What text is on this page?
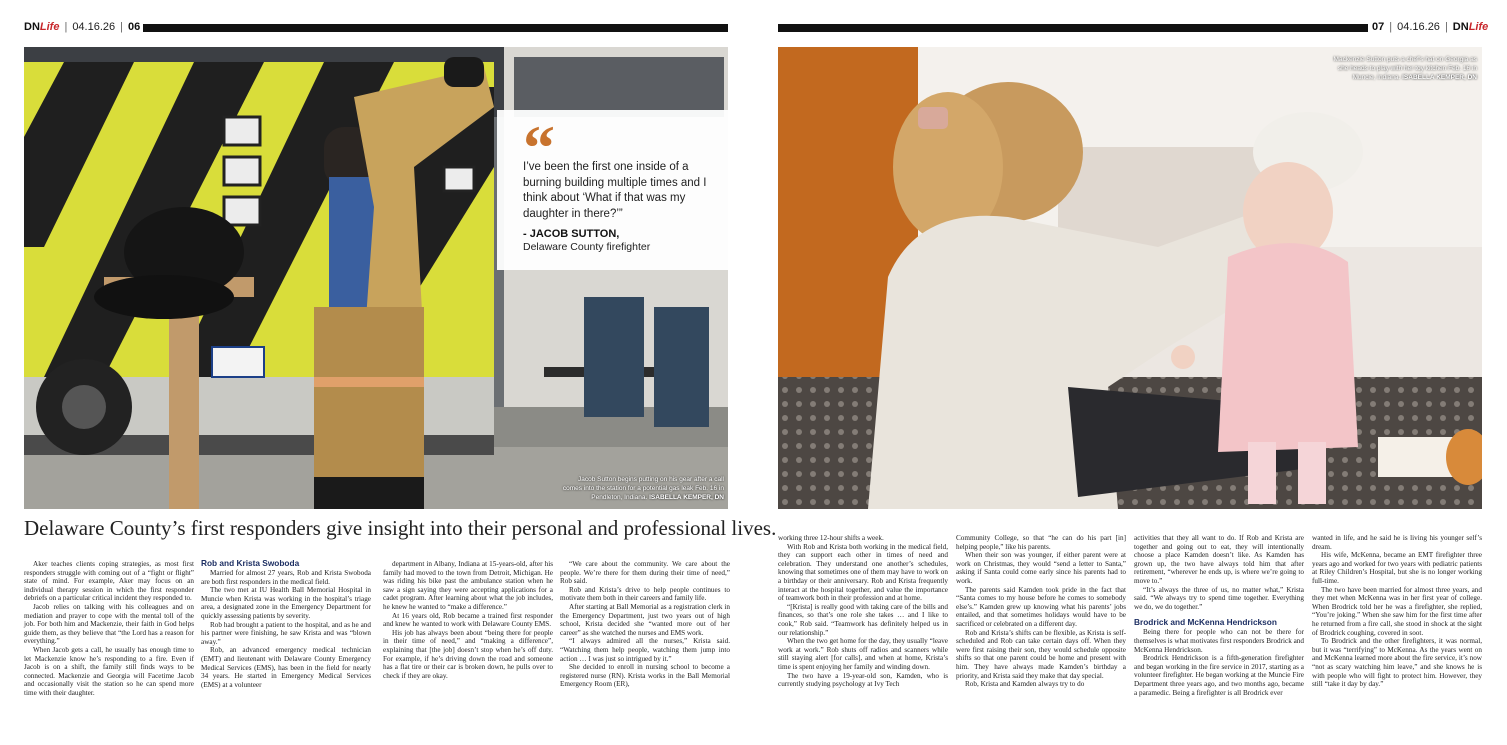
DN Life | 04.16.26 | 06
Jacob Sutton begins putting on his gear after a call comes into the station for a potential gas leak Feb. 16 in Pendleton, Indiana. ISABELLA KEMPER, DN
“
I’ve been the first one inside of a burning building multiple times and I think about ‘What if that was my daughter in there?’”
- JACOB SUTTON,
Delaware County firefighter
Delaware County’s first responders give insight into their personal and professional lives.

Aker teaches clients coping strategies, as most first responders struggle with coming out of a “fight or flight” state of mind. For example, Aker may focus on an individual therapy session in which the first responder debriefs on a particular critical incident they responded to.

Jacob relies on talking with his colleagues and on mediation and prayer to cope with the mental toll of the job. For both him and Mackenzie, their faith in God helps guide them, as they believe that “the Lord has a reason for everything.”

When Jacob gets a call, he usually has enough time to let Mackenzie know he’s responding to a fire. Even if Jacob is on a shift, the family still finds ways to be connected. Mackenzie and Georgia will Facetime Jacob and occasionally visit the station so he can spend more time with their daughter.

Rob and Krista Swoboda

Married for almost 27 years, Rob and Krista Swoboda are both first responders in the medical field.

The two met at IU Health Ball Memorial Hospital in Muncie when Krista was working in the hospital’s triage area, a designated zone in the Emergency Department for quickly assessing patients by severity.

Rob had brought a patient to the hospital, and as he and his partner were finishing, he saw Krista and was “blown away.”

Rob, an advanced emergency medical technician (EMT) and lieutenant with Delaware County Emergency Medical Services (EMS), has been in the field for nearly 34 years. He started in Emergency Medical Services (EMS) at a volunteer

department in Albany, Indiana at 15-years-old, after his family had moved to the town from Detroit, Michigan. He was riding his bike past the ambulance station when he saw a sign saying they were accepting applications for a cadet program. After learning about what the job includes, he knew he wanted to “make a difference.”

At 16 years old, Rob became a trained first responder and knew he wanted to work with Delaware County EMS.

His job has always been about “being there for people in their time of need,” and “making a difference”, explaining that [the job] doesn’t stop when he’s off duty. For example, if he’s driving down the road and someone has a flat tire or their car is broken down, he pulls over to check if they are okay.

“We care about the community. We care about the people. We’re there for them during their time of need,” Rob said.

Rob and Krista’s drive to help people continues to motivate them both in their careers and family life.

After starting at Ball Memorial as a registration clerk in the Emergency Department, just two years out of high school, Krista decided she “wanted more out of her career” as she watched the nurses and EMS work.

“I always admired all the nurses,” Krista said. “Watching them help people, watching them jump into action … I was just so intrigued by it.”

She decided to enroll in nursing school to become a registered nurse (RN). Krista works in the Ball Memorial Emergency Room (ER),

07 | 04.16.26 | DN Life
Mackenzie Sutton puts a chef’s hat on Georgia as she heads to play with her toy kitchen Feb. 16 in Muncie, Indiana. ISABELLA KEMPER, DN

working three 12-hour shifts a week.

With Rob and Krista both working in the medical field, they can support each other in times of need and celebration. They understand one another’s schedules, knowing that sometimes one of them may have to work on a birthday or their anniversary. Rob and Krista frequently interact at the hospital together, and value the importance of teamwork both in their profession and at home.

“[Krista] is really good with taking care of the bills and finances, so that’s one role she takes … and I like to cook,” Rob said. “Teamwork has definitely helped us in our relationship.”

When the two get home for the day, they usually “leave work at work.” Rob shuts off radios and scanners while still staying alert [for calls], and when at home, Krista’s time is spent enjoying her family and winding down.

The two have a 19-year-old son, Kamden, who is currently studying psychology at Ivy Tech

Community College, so that “he can do his part [in] helping people,” like his parents.

When their son was younger, if either parent were at work on Christmas, they would “send a letter to Santa,” asking if Santa could come early since his parents had to work.

The parents said Kamden took pride in the fact that “Santa comes to my house before he comes to somebody else’s.” Kamden grew up knowing what his parents’ jobs entailed, and that sometimes holidays would have to be sacrificed or celebrated on a different day.

Rob and Krista’s shifts can be flexible, as Krista is self-scheduled and Rob can take certain days off. When they were first raising their son, they would schedule opposite shifts so that one parent could be home and present with him. They have always made Kamden’s birthday a priority, and Krista said they make that day special.

Rob, Krista and Kamden always try to do

activities that they all want to do. If Rob and Krista are together and going out to eat, they will intentionally choose a place Kamden doesn’t like. As Kamden has grown up, the two have always told him that after retirement, “wherever he ends up, is where we’re going to move to.”

“It’s always the three of us, no matter what,” Krista said. “We always try to spend time together. Everything we do, we do together.”

Brodrick and McKenna Hendrickson

Being there for people who can not be there for themselves is what motivates first responders Brodrick and McKenna Hendrickson.

Brodrick Hendrickson is a fifth-generation firefighter and began working in the fire service in 2017, starting as a volunteer firefighter. He began working at the Muncie Fire Department three years ago, and two months ago, became a paramedic. Being a firefighter is all Brodrick ever

wanted in life, and he said he is living his younger self’s dream.

His wife, McKenna, became an EMT firefighter three years ago and worked for two years with pediatric patients at Riley Children’s Hospital, but she is no longer working full-time.

The two have been married for almost three years, and they met when McKenna was in her first year of college. When Brodrick told her he was a firefighter, she replied, “You’re joking.” When she saw him for the first time after he returned from a fire call, she stood in shock at the sight of Brodrick coughing, covered in soot.

To Brodrick and the other firefighters, it was normal, but it was “terrifying” to McKenna. As the years went on and McKenna learned more about the fire service, it’s now “not as scary watching him leave,” and she knows he is with people who will fight to protect him. However, they still “take it day by day.”
